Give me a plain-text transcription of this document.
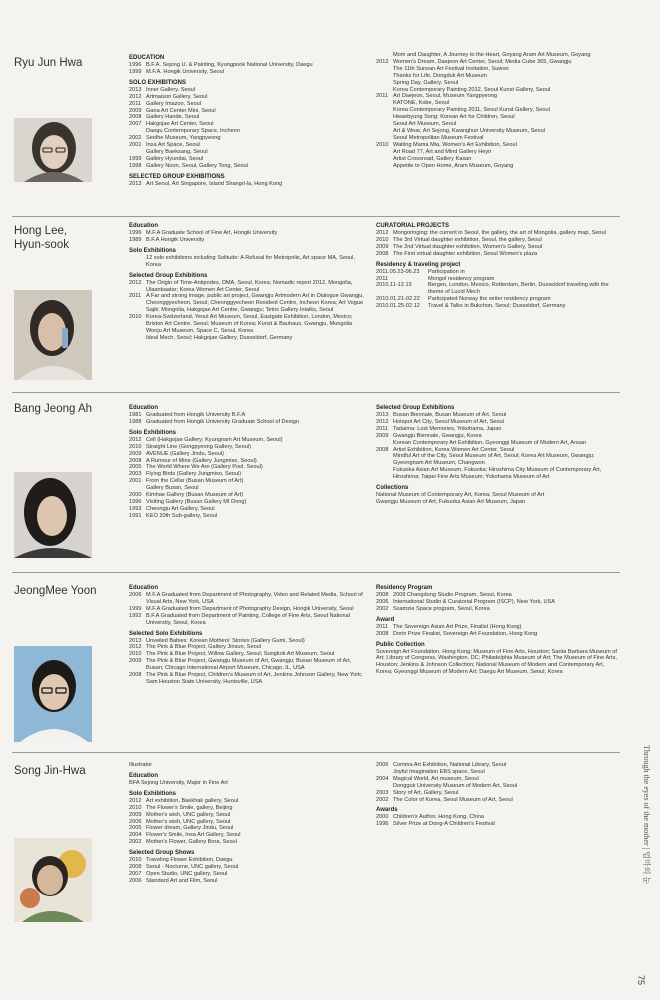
Ryu Jun Hwa	EDUCATION
1996 B.F.A. Sejong U. & Painting, Kyungpook National University, Daegu
1999 M.F.A. Hongik University, Seoul
SOLO EXHIBITIONS
2013 Inner Gallery, Seoul
2012 Artmaison Gallery, Seoul
2011 Gallery Imazoo, Seoul
2009 Gana Art Center Mini, Seoul
2008 Gallery Hande, Seoul
2007 Hakgojae Art Center, Seoul
Daegu Contemporary Space, Incheon
2002 Seolhe Museum, Yangpyeong
2001 Insa Art Space, Seoul
Gallery Baeksang, Seoul
1999 Gallery Hyundai, Seoul
1998 Gallery Noon, Seoul, Gallery Tong, Seoul
SELECTED GROUP EXHIBITIONS
2013 Art Seoul, Art Singapore, Island Shangri-la, Hong Kong
Mom and Daughter, A Journey to the Heart, Goyang Aram Art Museum, Goyang
2012 Women's Dream, Daejeon Art Center, Seoul; Media Cube 365, Gwangju
The 11th Sunsan Art Festival Invitation, Suwon
Thanks for Life, Dongduk Art Museum
Spring Day, Gallery, Seoul
Korea Contemporary Painting 2012, Seoul Kunst Gallery, Seoul
2011 Art Daejeon, Seoul, Museum Yangpyeong
KATONE, Kobe, Seoul
Korea Contemporary Painting 2011, Seoul Kunst Gallery, Seoul
Hwaebyung Song: Korean Art for Children, Seoul
Seoul Art Museum, Seoul
Art & Wear, Art Sejong, Kwanghun University Museum, Seoul
Seoul Metropolitan Museum Festival
2010 Waiting Mama Mia, Women's Art Exhibition, Seoul
Art Road 77, Art and Mind Gallery Heyri
Artist Crossroad, Gallery Kasan
Appetite to Open Home, Aram Museum, Goyang
Hong Lee, Hyun-sook
Education
1996 M.F.A Graduate School of Fine Art, Hongik University
1989 B.F.A Hongik University
Solo Exhibitions
12 solo exhibitions including Solitude: A Refusal for Metropolis, Art space MA, Seoul, Korea
Selected Group Exhibitions
2012 The Origin of Time-Antipodes, DMA, Seoul, Korea; Nomadic report 2012, Mongolia, Ulaanbaatar; Korea Women Art Center, Seoul
2011 A Far and strong image, public art project, Gwangju Artmodern Art in Dialogue Gwangju, Cheonggyecheon, Seoul; Cheonggyecheon Resident Centre, Incheon Korea; Art Vogue Sajik; Mongolia, Hakgojae Art Centre, Gwangju; Tetris Gallery Intalks, Seoul
2010 Korea-Switzerland, Yeoul Art Museum, Seoul, Eastgate Exhibition, London, Mexico; Brixton Art Centre, Seoul; Museum of Korea; Kunst & Bauhaus, Gwangju, Mongolia
Wonju Art Museum, Space C, Seoul, Korea
Ideal Mech, Seoul; Hakgojae Gallery, Dusseldorf, Germany
CURATORIAL PROJECTS
2012 Mongoringing: the current in Seoul, the gallery, the art of Mongolia, gallery map, Seoul
2010 The 3rd Virtual daughter exhibition, Seoul, the gallery, Seoul
2009 The 2nd Virtual daughter exhibition, Women's Gallery, Seoul
2008 The First virtual daughter exhibition, Seoul Women's plaza
Residency & traveling project
2011.05.23-06.23	Participation in
2011	Mongol residency program
2010.11-12.13	Bergen, London, Mexico, Rotterdam, Berlin, Dusseldorf traveling with the theme of Lucid Mech
2010.01.21-02.22	Participated Norway the writer residency program
2010.01.25-02.12	Travel & Talks in Bukchon, Seoul; Dusseldorf, Germany
Bang Jeong Ah	Education
1981 Graduated from Hongik University B.F.A
1988 Graduated from Hongik University Graduate School of Design
Solo Exhibitions
2012 Cell (Hakgojae Gallery; Kyungnam Art Museum, Seoul)
2010 Straight Line (Gongpyeong Gallery, Seoul)
2009 AVENUE (Gallery Jindu, Seoul)
2008 A Rumour of Mine (Gallery Jungmiso, Seoul)
2005 The World Where We Are (Gallery Pool, Seoul)
2003 Flying Birds (Gallery Jungmiso, Seoul)
2001 From the Cellar (Busan Museum of Art)
Gallery Busan, Seoul
2000 Kimhae Gallery (Busan Museum of Art)
1996 Visiting Gallery (Busan Gallery MI Dong)
1993 Cheongju Art Gallery, Seoul
1991 KEO 20th Sub-gallery, Seoul
Selected Group Exhibitions
2013 Busan Biennale, Busan Museum of Art, Seoul
2012 Hotspot Art City, Seoul Museum of Art, Seoul
2011 Tadaima: Lost Memories, Yokohama, Japan
2009 Gwangju Biennale, Gwangju, Korea
Korean Contemporary Art Exhibition, Gyeonggi Museum of Modern Art, Ansan
2008 Artist Exhibition, Korea Women Art Center, Seoul
Mindful Art of the City, Seoul Museum of Art, Seoul; Korea Art Museum, Gwangju; Gyeongnam Art Museum, Changwon
Fukuoka Asian Art Museum, Fukuoka; Hiroshima City Museum of Contemporary Art, Hiroshima; Taipei Fine Arts Museum; Yokohama Museum of Art
Collections
National Museum of Contemporary Art, Korea; Seoul Museum of Art
Gwangju Museum of Art; Fukuoka Asian Art Museum, Japan
JeongMee Yoon	Education
2006 M.F.A Graduated from Department of Photography, Video and Related Media, School of Visual Arts, New York, USA
1999 M.F.A Graduated from Department of Photography Design, Hongik University, Seoul
1992 B.F.A Graduated from Department of Painting, College of Fine Arts, Seoul National University, Seoul, Korea
Selected Solo Exhibitions
2013 Unveiled Babies: Korean Mothers' Stories (Gallery Gumi, Seoul)
2012 The Pink & Blue Project, Gallery Jinsun, Seoul
2010 The Pink & Blue Project, Willow Gallery, Seoul; Sungkok Art Museum, Seoul
2009 The Pink & Blue Project, Gwangju Museum of Art, Gwangju; Busan Museum of Art, Busan; Chicago International Airport Museum, Chicago, IL, USA
2008 The Pink & Blue Project, Children's Museum of Art, Jenkins Johnson Gallery, New York; Sam Houston State University, Huntsville, USA
Residency Program
2008 2009 Changdong Studio Program, Seoul, Korea
2006 International Studio & Curatorial Program (ISCP), New York, USA
2002 Ssamzie Space program, Seoul, Korea
Award
2011 The Sovereign Asian Art Prize, Finalist (Hong Kong)
2008 Dorin Prize Finalist, Sovereign Art Foundation, Hong Kong
Public Collection
Sovereign Art Foundation, Hong Kong; Museum of Fine Arts, Houston; Santa Barbara Museum of Art; Library of Congress, Washington, DC; Philadelphia Museum of Art; The Museum of Fine Arts, Houston; Jenkins & Johnson Collection; National Museum of Modern and Contemporary Art, Korea; Gyeonggi Museum of Modern Art; Daegu Art Museum, Seoul, Korea
Song Jin-Hwa	Illustrator
Education
BFA Sejong University, Major in Fine Art
Solo Exhibitions
2012 Art exhibition, Baekhak gallery, Seoul
2010 The Flower's Smile, gallery, Beijing
2009 Mother's wish, UNC gallery, Seoul
2006 Mother's wish, UNC gallery, Seoul
2005 Flower dream, Gallery Jindu, Seoul
2004 Flower's Smile, Insa Art Gallery, Seoul
2002 Mother's Flower, Gallery Bora, Seoul
Selected Group Shows
2010 Traveling Flower Exhibition, Daegu
2008 Seoul - Nocturne, UNC gallery, Seoul
2007 Open Studio, UNC gallery, Seoul
2006 Standard Art and Film, Seoul
2006 Comma Art Exhibition, National Library, Seoul
Joyful Imagination EBS space, Seoul
2004 Magical World, Art museum, Seoul
Dongguk University Museum of Modern Art, Seoul
2003 Story of Art, Gallery, Seoul
2002 The Color of Korea, Seoul Museum of Art, Seoul
Awards
2000 Children's Author, Hong Kong, China
1996 Silver Prize at Dong-A Children's Festival	Through the eyes of the mother | 엄마의 눈
75
